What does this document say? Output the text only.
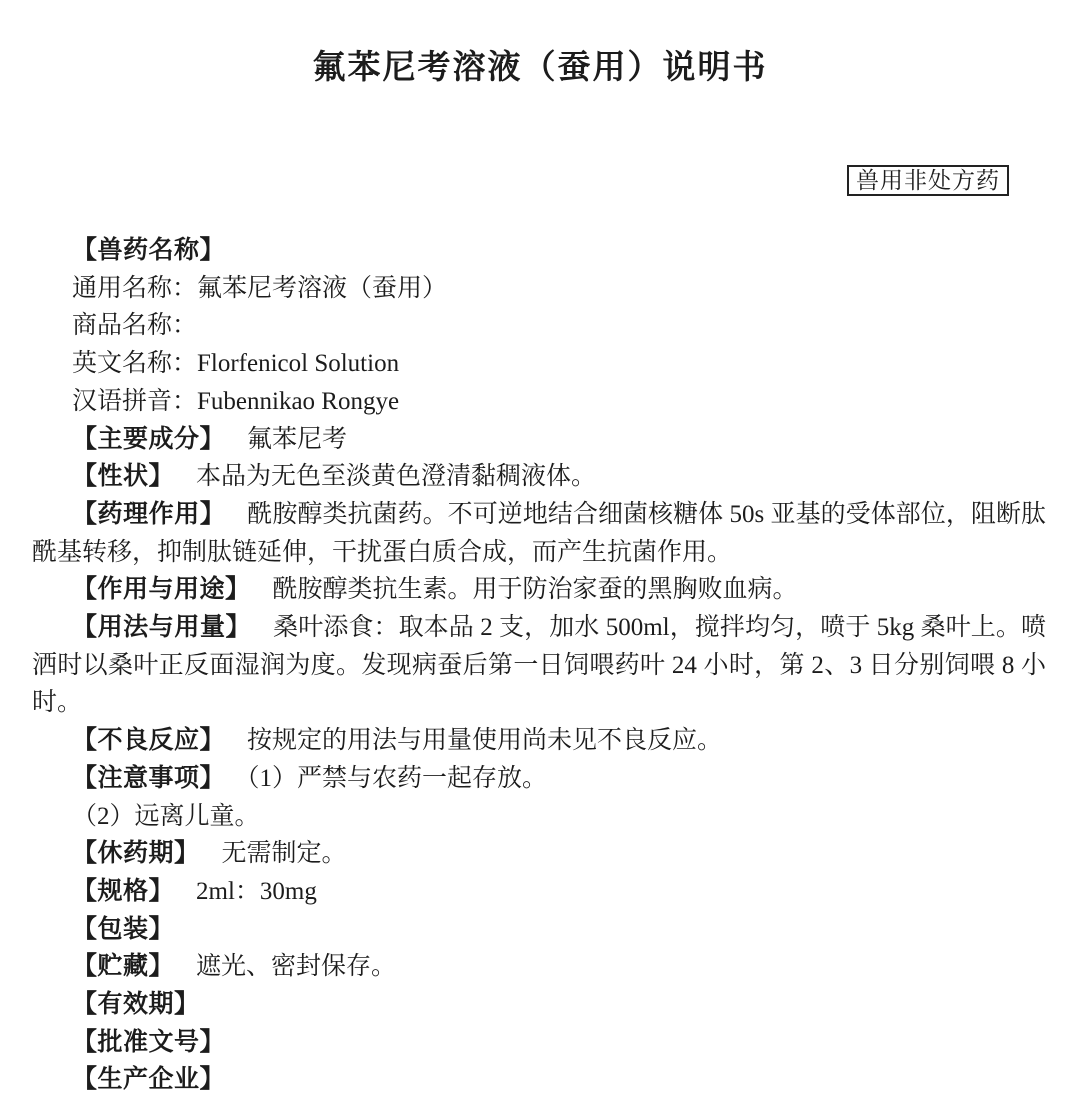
氟苯尼考溶液（蚕用）说明书
兽用非处方药

【兽药名称】

通用名称：氟苯尼考溶液（蚕用）

商品名称：

英文名称：Florfenicol Solution

汉语拼音：Fubennikao Rongye

【主要成分】 氟苯尼考

【性状】 本品为无色至淡黄色澄清黏稠液体。

【药理作用】 酰胺醇类抗菌药。不可逆地结合细菌核糖体 50s 亚基的受体部位，阻断肽酰基转移，抑制肽链延伸，干扰蛋白质合成，而产生抗菌作用。

【作用与用途】 酰胺醇类抗生素。用于防治家蚕的黑胸败血病。

【用法与用量】 桑叶添食：取本品 2 支，加水 500ml，搅拌均匀，喷于 5kg 桑叶上。喷洒时以桑叶正反面湿润为度。发现病蚕后第一日饲喂药叶 24 小时，第 2、3 日分别饲喂 8 小时。

【不良反应】 按规定的用法与用量使用尚未见不良反应。

【注意事项】 （1）严禁与农药一起存放。

（2）远离儿童。

【休药期】 无需制定。

【规格】 2ml：30mg

【包装】

【贮藏】 遮光、密封保存。

【有效期】

【批准文号】

【生产企业】
